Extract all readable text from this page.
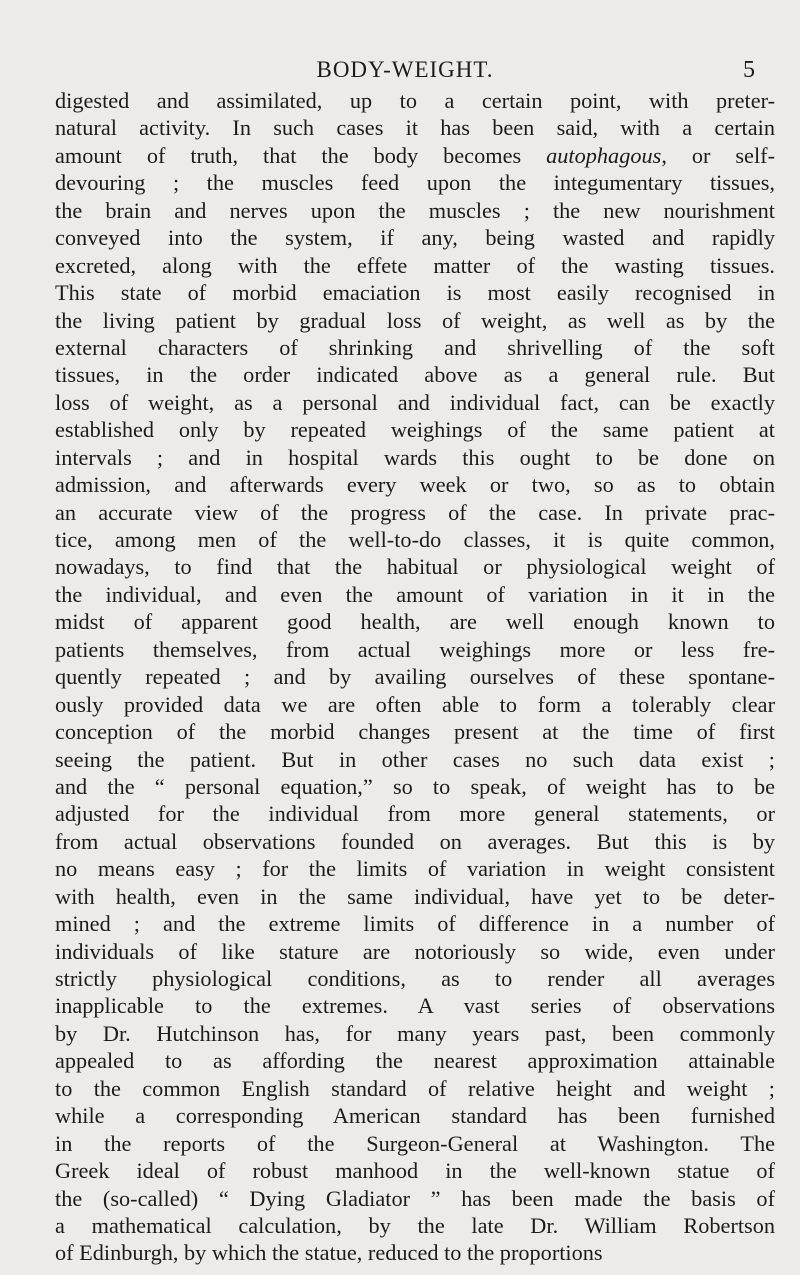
BODY-WEIGHT.	5
digested and assimilated, up to a certain point, with preter-
natural activity. In such cases it has been said, with a certain
amount of truth, that the body becomes autophagous, or self-
devouring ; the muscles feed upon the integumentary tissues,
the brain and nerves upon the muscles ; the new nourishment
conveyed into the system, if any, being wasted and rapidly
excreted, along with the effete matter of the wasting tissues.
This state of morbid emaciation is most easily recognised in
the living patient by gradual loss of weight, as well as by the
external characters of shrinking and shrivelling of the soft
tissues, in the order indicated above as a general rule. But
loss of weight, as a personal and individual fact, can be exactly
established only by repeated weighings of the same patient at
intervals ; and in hospital wards this ought to be done on
admission, and afterwards every week or two, so as to obtain
an accurate view of the progress of the case. In private prac-
tice, among men of the well-to-do classes, it is quite common,
nowadays, to find that the habitual or physiological weight of
the individual, and even the amount of variation in it in the
midst of apparent good health, are well enough known to
patients themselves, from actual weighings more or less fre-
quently repeated ; and by availing ourselves of these spontane-
ously provided data we are often able to form a tolerably clear
conception of the morbid changes present at the time of first
seeing the patient. But in other cases no such data exist ;
and the “ personal equation,” so to speak, of weight has to be
adjusted for the individual from more general statements, or
from actual observations founded on averages. But this is by
no means easy ; for the limits of variation in weight consistent
with health, even in the same individual, have yet to be deter-
mined ; and the extreme limits of difference in a number of
individuals of like stature are notoriously so wide, even under
strictly physiological conditions, as to render all averages
inapplicable to the extremes. A vast series of observations
by Dr. Hutchinson has, for many years past, been commonly
appealed to as affording the nearest approximation attainable
to the common English standard of relative height and weight ;
while a corresponding American standard has been furnished
in the reports of the Surgeon-General at Washington. The
Greek ideal of robust manhood in the well-known statue of
the (so-called) “ Dying Gladiator ” has been made the basis of
a mathematical calculation, by the late Dr. William Robertson
of Edinburgh, by which the statue, reduced to the proportions
